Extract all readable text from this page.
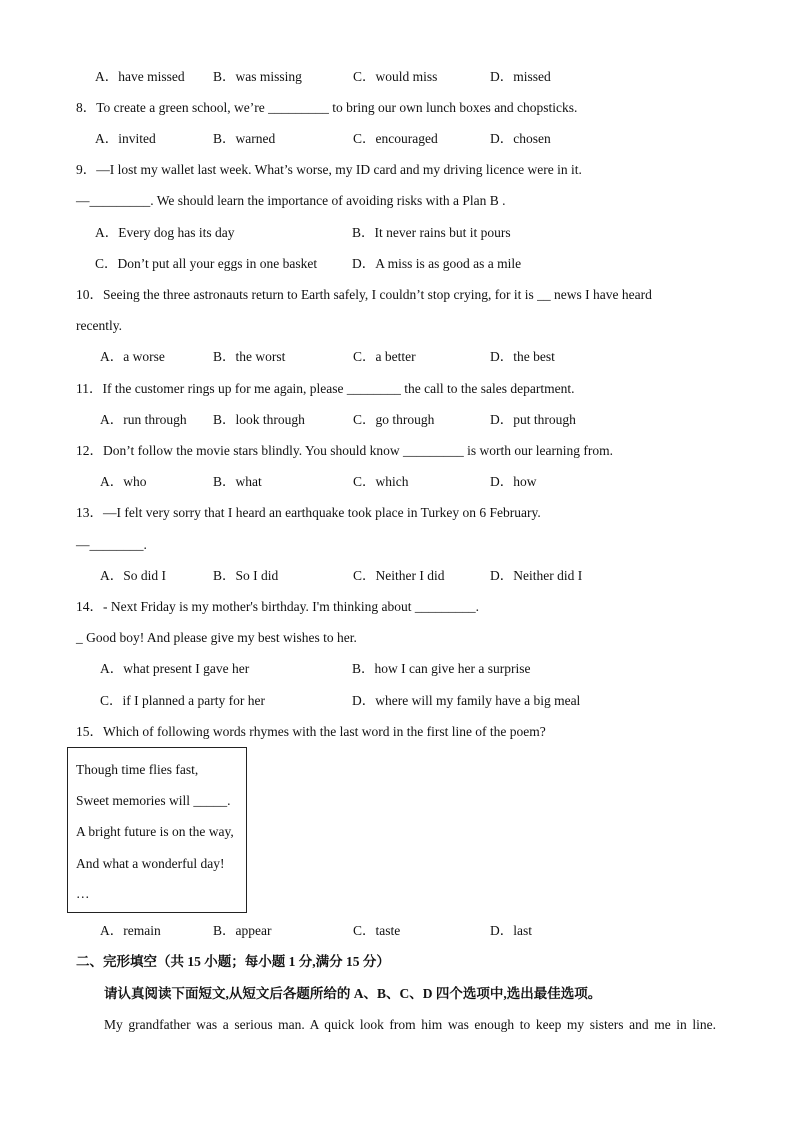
A．have missed B．was missing	C．would miss	D．missed
8．To create a green school, we’re _________ to bring our own lunch boxes and chopsticks.
A．invited	B．warned	C．encouraged	D．chosen
9．—I lost my wallet last week. What’s worse, my ID card and my driving licence were in it.
—_________. We should learn the importance of avoiding risks with a Plan B .
A．Every dog has its day	B．It never rains but it pours
C．Don’t put all your eggs in one basket	D．A miss is as good as a mile
10．Seeing the three astronauts return to Earth safely, I couldn’t stop crying, for it is __ news I have heard
recently.
A．a worse	B．the worst	C．a better	D．the best
11．If the customer rings up for me again, please ________ the call to the sales department.
A．run through B．look through	C．go through	D．put through
12．Don’t follow the movie stars blindly. You should know _________ is worth our learning from.
A．who	B．what	C．which	D．how
13．—I felt very sorry that I heard an earthquake took place in Turkey on 6 February.
—________.
A．So did I	B．So I did	C．Neither I did	D．Neither did I
14．- Next Friday is my mother's birthday. I'm thinking about _________.
_ Good boy! And please give my best wishes to her.
A．what present I gave her	B．how I can give her a surprise
C．if I planned a party for her	D．where will my family have a big meal
15．Which of following words rhymes with the last word in the first line of the poem?
Though time flies fast,
Sweet memories will _____.
A bright future is on the way,
And what a wonderful day!
…
A．remain	B．appear	C．taste	D．last
二、完形填空（共 15 小题；每小题 1 分,满分 15 分）
请认真阅读下面短文,从短文后各题所给的 A、B、C、D 四个选项中,选出最佳选项。
My grandfather was a serious man. A quick look from him was enough to keep my sisters and me in line.
